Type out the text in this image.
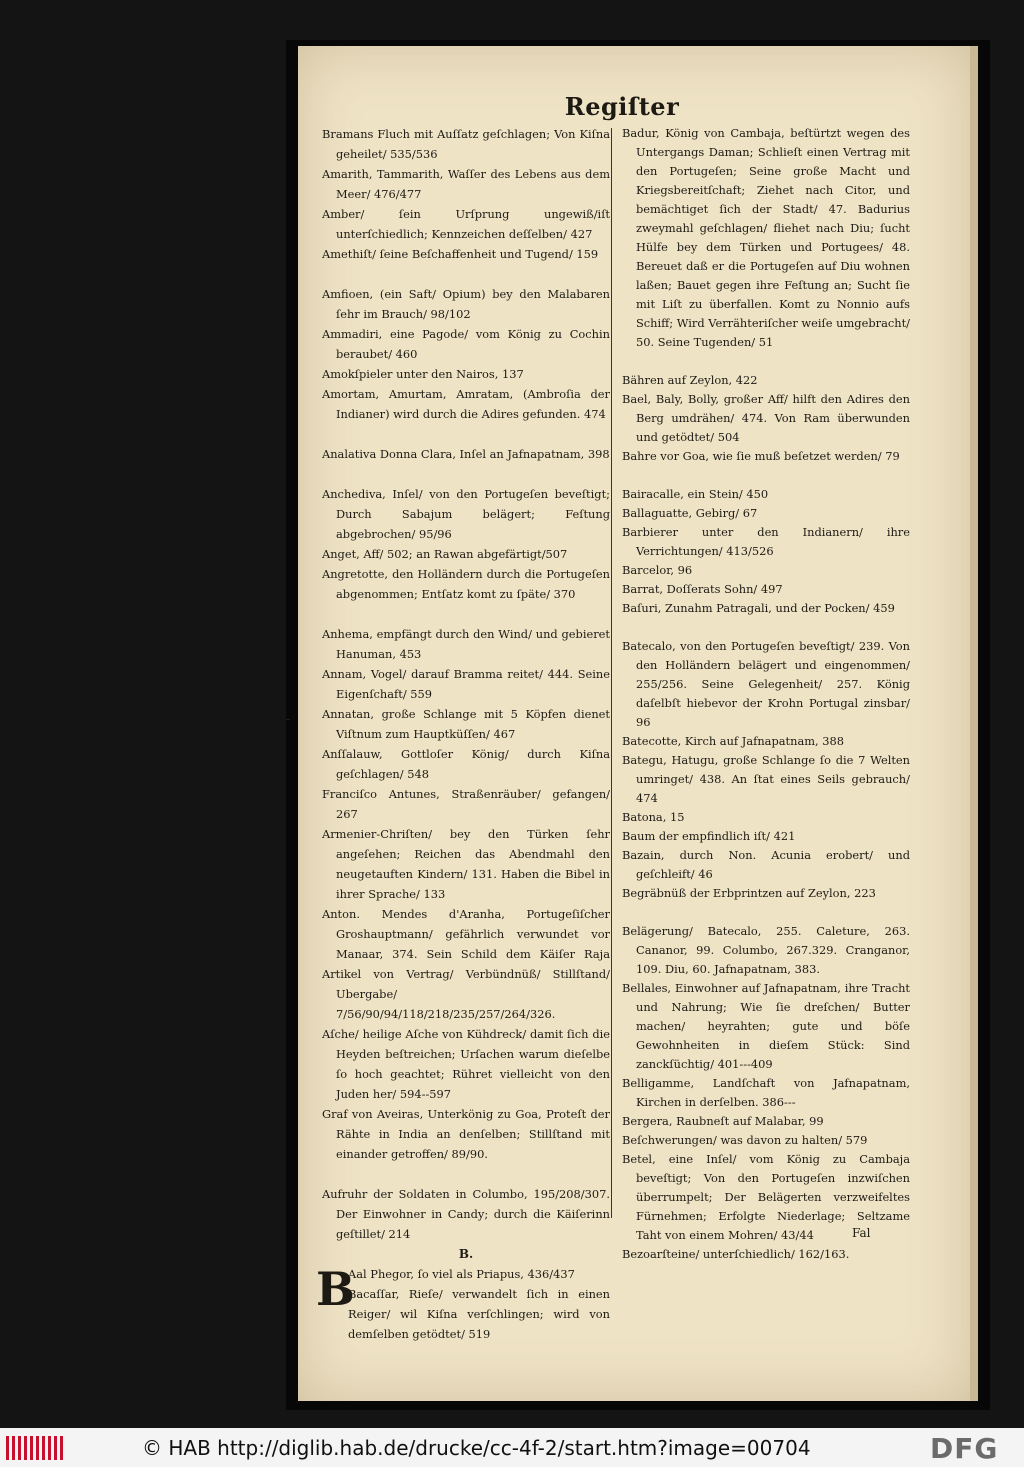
Regiſter
-
Bramans Fluch mit Auſſatz geſchlagen; Von Kiſna geheilet/ 535/536
Amarith, Tammarith, Waſſer des Lebens aus dem Meer/ 476/477
Amber/ ſein Urſprung ungewiß/iſt unterſchiedlich; Kennzeichen deſſelben/ 427
Amethiſt/ ſeine Beſchaffenheit und Tugend/ 159
Amfioen, (ein Saft/ Opium) bey den Malabaren ſehr im Brauch/ 98/102
Ammadiri, eine Pagode/ vom König zu Cochin beraubet/ 460
Amokſpieler unter den Nairos, 137
Amortam, Amurtam, Amratam, (Ambroſia der Indianer) wird durch die Adires gefunden. 474
Analativa Donna Clara, Inſel an Jafnapatnam, 398
Anchediva, Inſel/ von den Portugeſen beveſtigt; Durch Sabajum belägert; Feſtung abgebrochen/ 95/96
Anget, Aff/ 502; an Rawan abgefärtigt/507
Angretotte, den Holländern durch die Portugeſen abgenommen; Entſatz komt zu ſpäte/ 370
Anhema, empfängt durch den Wind/ und gebieret Hanuman, 453
Annam, Vogel/ darauf Bramma reitet/ 444. Seine Eigenſchaft/ 559
Annatan, große Schlange mit 5 Köpfen dienet Viſtnum zum Hauptküſſen/ 467
Anſſalauw, Gottloſer König/ durch Kiſna geſchlagen/ 548
Franciſco Antunes, Straßenräuber/ gefangen/ 267
Armenier-Chriſten/ bey den Türken ſehr angeſehen; Reichen das Abendmahl den neugetauften Kindern/ 131. Haben die Bibel in ihrer Sprache/ 133
Anton. Mendes d'Aranha, Portugeſiſcher Groshauptmann/ gefährlich verwundet vor Manaar, 374. Sein Schild dem Käiſer Raja
Artikel von Vertrag/ Verbündnüß/ Stillſtand/ Ubergabe/ 7/56/90/94/118/218/235/257/264/326.
Aſche/ heilige Aſche von Kühdreck/ damit ſich die Heyden beſtreichen; Urſachen warum dieſelbe ſo hoch geachtet; Rühret vielleicht von den Juden her/ 594--597
Graf von Aveiras, Unterkönig zu Goa, Proteſt der Rähte in India an denſelben; Stillſtand mit einander getroffen/ 89/90.
Aufruhr der Soldaten in Columbo, 195/208/307. Der Einwohner in Candy; durch die Käiſerinn geſtillet/ 214
B.
B
Aal Phegor, ſo viel als Priapus, 436/437
Bacaſſar, Rieſe/ verwandelt ſich in einen Reiger/ wil Kiſna verſchlingen; wird von demſelben getödtet/ 519
Badur, König von Cambaja, beſtürtzt wegen des Untergangs Daman; Schlieſt einen Vertrag mit den Portugeſen; Seine große Macht und Kriegsbereitſchaft; Ziehet nach Citor, und bemächtiget ſich der Stadt/ 47. Badurius zweymahl geſchlagen/ fliehet nach Diu; ſucht Hülfe bey dem Türken und Portugees/ 48. Bereuet daß er die Portugeſen auf Diu wohnen laßen; Bauet gegen ihre Feſtung an; Sucht ſie mit Liſt zu überfallen. Komt zu Nonnio aufs Schiff; Wird Verrähteriſcher weiſe umgebracht/ 50. Seine Tugenden/ 51
Bähren auf Zeylon, 422
Bael, Baly, Bolly, großer Aff/ hilft den Adires den Berg umdrähen/ 474. Von Ram überwunden und getödtet/ 504
Bahre vor Goa, wie ſie muß beſetzet werden/ 79
Bairacalle, ein Stein/ 450
Ballaguatte, Gebirg/ 67
Barbierer unter den Indianern/ ihre Verrichtungen/ 413/526
Barcelor, 96
Barrat, Doſſerats Sohn/ 497
Baſuri, Zunahm Patragali, und der Pocken/ 459
Batecalo, von den Portugeſen beveſtigt/ 239. Von den Holländern belägert und eingenommen/ 255/256. Seine Gelegenheit/ 257. König daſelbſt hiebevor der Krohn Portugal zinsbar/ 96
Batecotte, Kirch auf Jafnapatnam, 388
Bategu, Hatugu, große Schlange ſo die 7 Welten umringet/ 438. An ſtat eines Seils gebrauch/ 474
Batona, 15
Baum der empfindlich iſt/ 421
Bazain, durch Non. Acunia erobert/ und geſchleift/ 46
Begräbnüß der Erbprintzen auf Zeylon, 223
Belägerung/ Batecalo, 255. Caleture, 263. Cananor, 99. Columbo, 267.329. Cranganor, 109. Diu, 60. Jafnapatnam, 383.
Bellales, Einwohner auf Jafnapatnam, ihre Tracht und Nahrung; Wie ſie dreſchen/ Butter machen/ heyrahten; gute und böſe Gewohnheiten in dieſem Stück: Sind zanckſüchtig/ 401---409
Belligamme, Landſchaft von Jafnapatnam, Kirchen in derſelben. 386---
Bergera, Raubneſt auf Malabar, 99
Beſchwerungen/ was davon zu halten/ 579
Betel, eine Inſel/ vom König zu Cambaja beveſtigt; Von den Portugeſen inzwiſchen überrumpelt; Der Belägerten verzweifeltes Fürnehmen; Erfolgte Niederlage; Seltzame Taht von einem Mohren/ 43/44
Bezoarſteine/ unterſchiedlich/ 162/163.
Fal
© HAB http://diglib.hab.de/drucke/cc-4f-2/start.htm?image=00704	DFG
